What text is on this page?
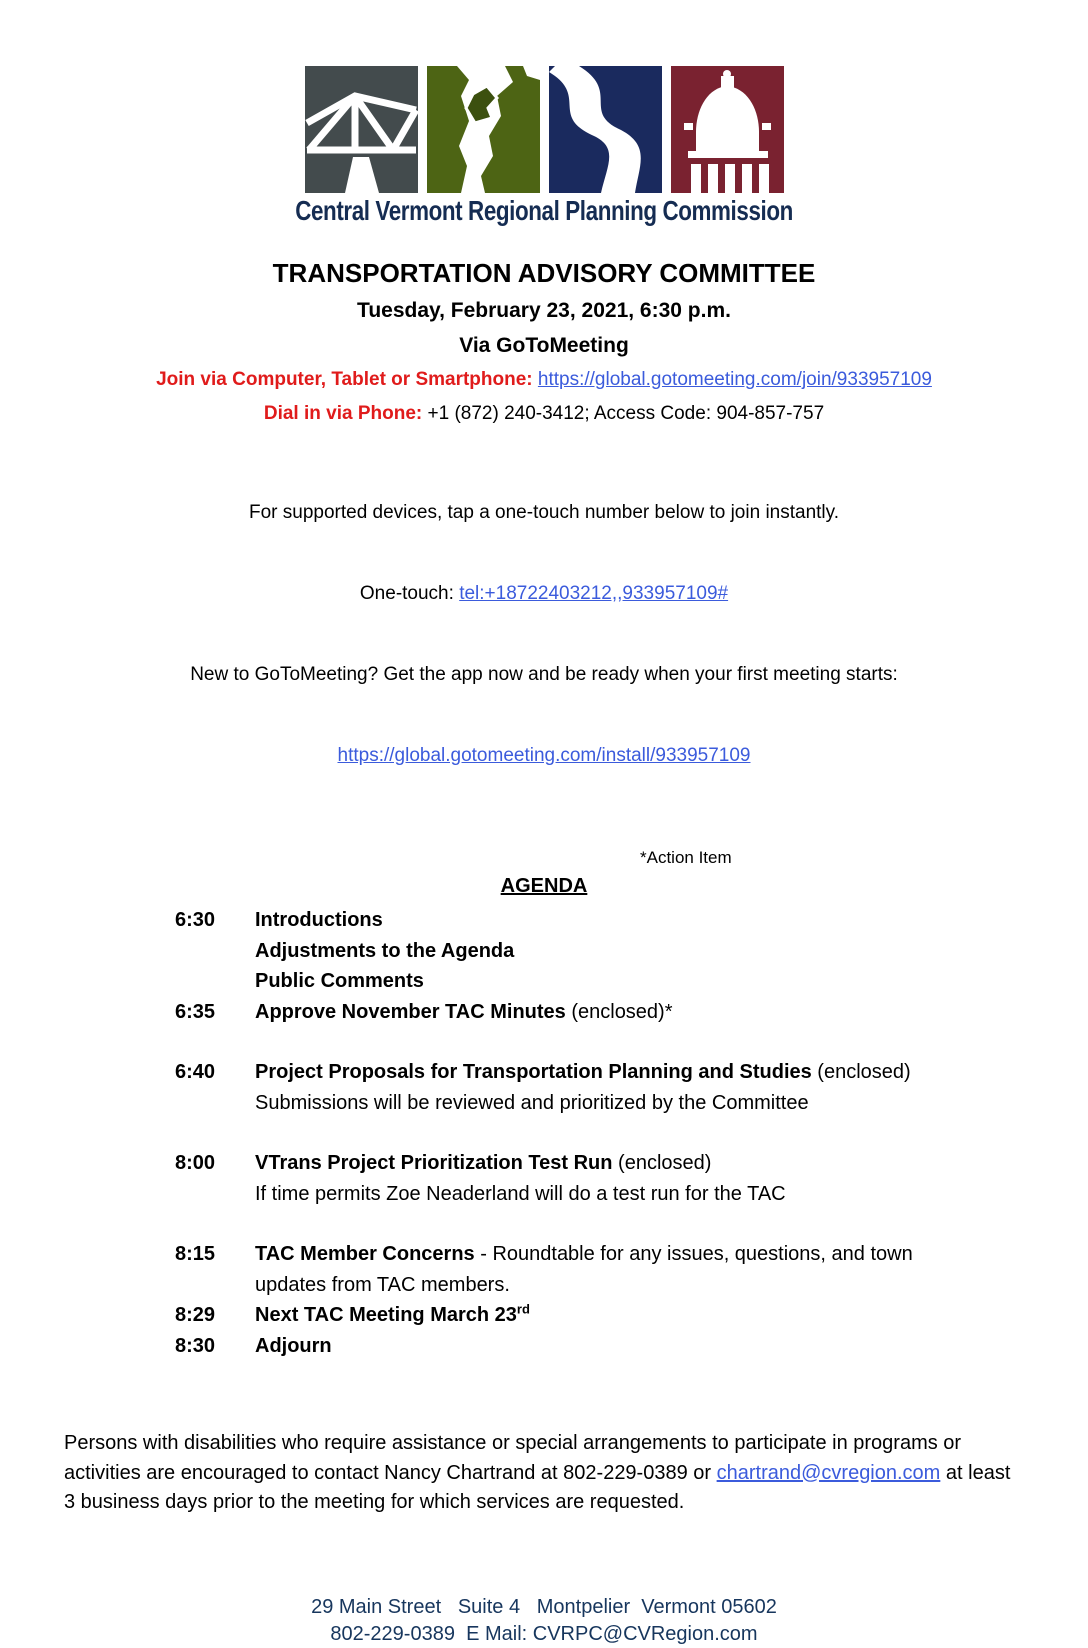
Central Vermont Regional Planning Commission
TRANSPORTATION ADVISORY COMMITTEE
Tuesday, February 23, 2021, 6:30 p.m.
Via GoToMeeting
Join via Computer, Tablet or Smartphone: https://global.gotomeeting.com/join/933957109
Dial in via Phone: +1 (872) 240-3412; Access Code: 904-857-757

For supported devices, tap a one-touch number below to join instantly.

One-touch: tel:+18722403212,,933957109#

New to GoToMeeting? Get the app now and be ready when your first meeting starts:

https://global.gotomeeting.com/install/933957109

*Action Item
AGENDA
6:30	Introductions
Adjustments to the Agenda
Public Comments
6:35	Approve November TAC Minutes (enclosed)*
6:40	Project Proposals for Transportation Planning and Studies (enclosed)
Submissions will be reviewed and prioritized by the Committee
8:00	VTrans Project Prioritization Test Run (enclosed)
If time permits Zoe Neaderland will do a test run for the TAC
8:15	TAC Member Concerns - Roundtable for any issues, questions, and town
updates from TAC members.
8:29	Next TAC Meeting March 23rd
8:30	Adjourn

Persons with disabilities who require assistance or special arrangements to participate in programs or activities are encouraged to contact Nancy Chartrand at 802-229-0389 or chartrand@cvregion.com at least 3 business days prior to the meeting for which services are requested.

29 Main Street   Suite 4   Montpelier  Vermont 05602
802-229-0389  E Mail: CVRPC@CVRegion.com
